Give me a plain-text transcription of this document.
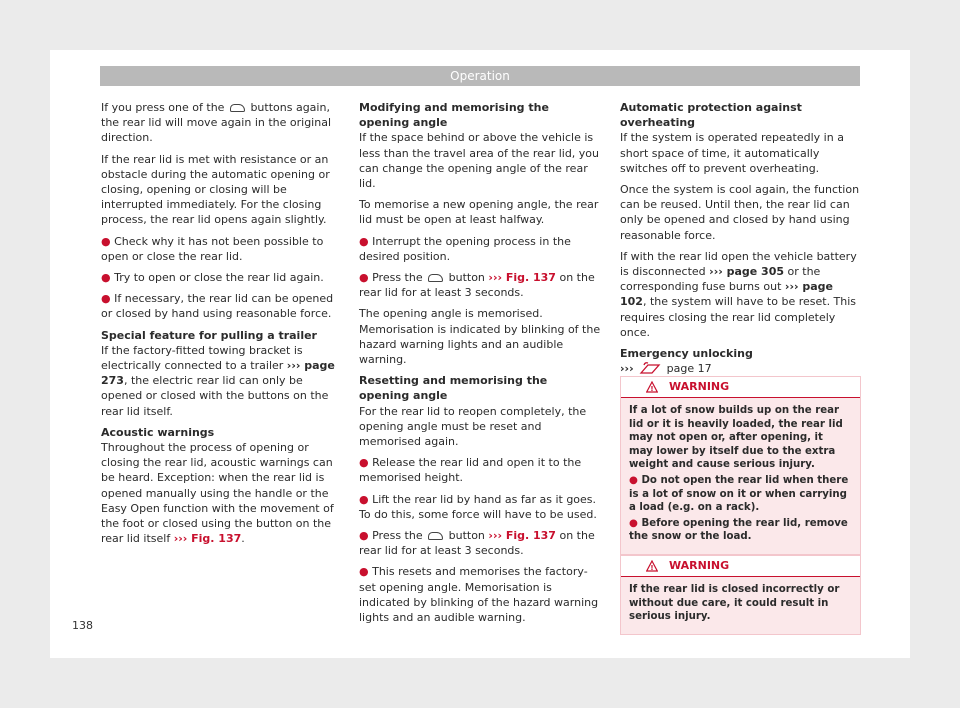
Operation

If you press one of the buttons again, the rear lid will move again in the original direction.

If the rear lid is met with resistance or an obstacle during the automatic opening or closing, opening or closing will be interrupted immediately. For the closing process, the rear lid opens again slightly.

● Check why it has not been possible to open or close the rear lid.

● Try to open or close the rear lid again.

● If necessary, the rear lid can be opened or closed by hand using reasonable force.

Special feature for pulling a trailer

If the factory-fitted towing bracket is electrically connected to a trailer ››› page 273, the electric rear lid can only be opened or closed with the buttons on the rear lid itself.

Acoustic warnings

Throughout the process of opening or closing the rear lid, acoustic warnings can be heard. Exception: when the rear lid is opened manually using the handle or the Easy Open function with the movement of the foot or closed using the button on the rear lid itself ››› Fig. 137.

Modifying and memorising the opening angle

If the space behind or above the vehicle is less than the travel area of the rear lid, you can change the opening angle of the rear lid.

To memorise a new opening angle, the rear lid must be open at least halfway.

● Interrupt the opening process in the desired position.

● Press the button ››› Fig. 137 on the rear lid for at least 3 seconds.

The opening angle is memorised. Memorisation is indicated by blinking of the hazard warning lights and an audible warning.

Resetting and memorising the opening angle

For the rear lid to reopen completely, the opening angle must be reset and memorised again.

● Release the rear lid and open it to the memorised height.

● Lift the rear lid by hand as far as it goes. To do this, some force will have to be used.

● Press the button ››› Fig. 137 on the rear lid for at least 3 seconds.

● This resets and memorises the factory-set opening angle. Memorisation is indicated by blinking of the hazard warning lights and an audible warning.

Automatic protection against overheating

If the system is operated repeatedly in a short space of time, it automatically switches off to prevent overheating.

Once the system is cool again, the function can be reused. Until then, the rear lid can only be opened and closed by hand using reasonable force.

If with the rear lid open the vehicle battery is disconnected ››› page 305 or the corresponding fuse burns out ››› page 102, the system will have to be reset. This requires closing the rear lid completely once.

Emergency unlocking

›››	page 17

! WARNING

If a lot of snow builds up on the rear lid or it is heavily loaded, the rear lid may not open or, after opening, it may lower by itself due to the extra weight and cause serious injury.

● Do not open the rear lid when there is a lot of snow on it or when carrying a load (e.g. on a rack).

● Before opening the rear lid, remove the snow or the load.

! WARNING

If the rear lid is closed incorrectly or without due care, it could result in serious injury.

138
